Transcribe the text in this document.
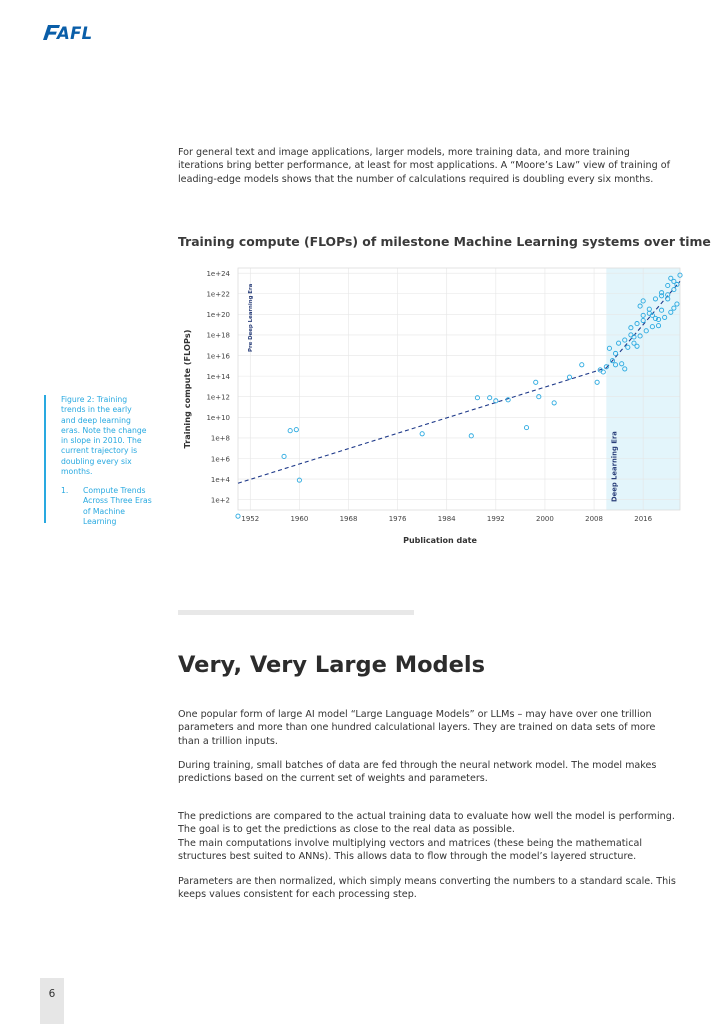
AFL

For general text and image applications, larger models, more training data, and more training iterations bring better performance, at least for most applications. A “Moore’s Law” view of training of leading-edge models shows that the number of calculations required is doubling every six months.

Training compute (FLOPs) of milestone Machine Learning systems over time
1e+24
1e+22
1e+20
1e+18
1e+16
1e+14
1e+12
1e+10
1e+8
1e+6
1e+4
1e+2
1952	1960	1968	1976	1984	1992	2000	2008	2016
Training compute (FLOPs)
Publication date
Pre Deep Learning Era
Deep Learning Era

Figure 2: Training trends in the early and deep learning eras. Note the change in slope in 2010. The current trajectory is doubling every six months.

1. Compute Trends Across Three Eras of Machine Learning
Very, Very Large Models

One popular form of large AI model “Large Language Models” or LLMs – may have over one trillion parameters and more than one hundred calculational layers. They are trained on data sets of more than a trillion inputs.

During training, small batches of data are fed through the neural network model. The model makes predictions based on the current set of weights and parameters.

The predictions are compared to the actual training data to evaluate how well the model is performing. The goal is to get the predictions as close to the real data as possible.

The main computations involve multiplying vectors and matrices (these being the mathematical structures best suited to ANNs). This allows data to flow through the model’s layered structure.

Parameters are then normalized, which simply means converting the numbers to a standard scale. This keeps values consistent for each processing step.

6
